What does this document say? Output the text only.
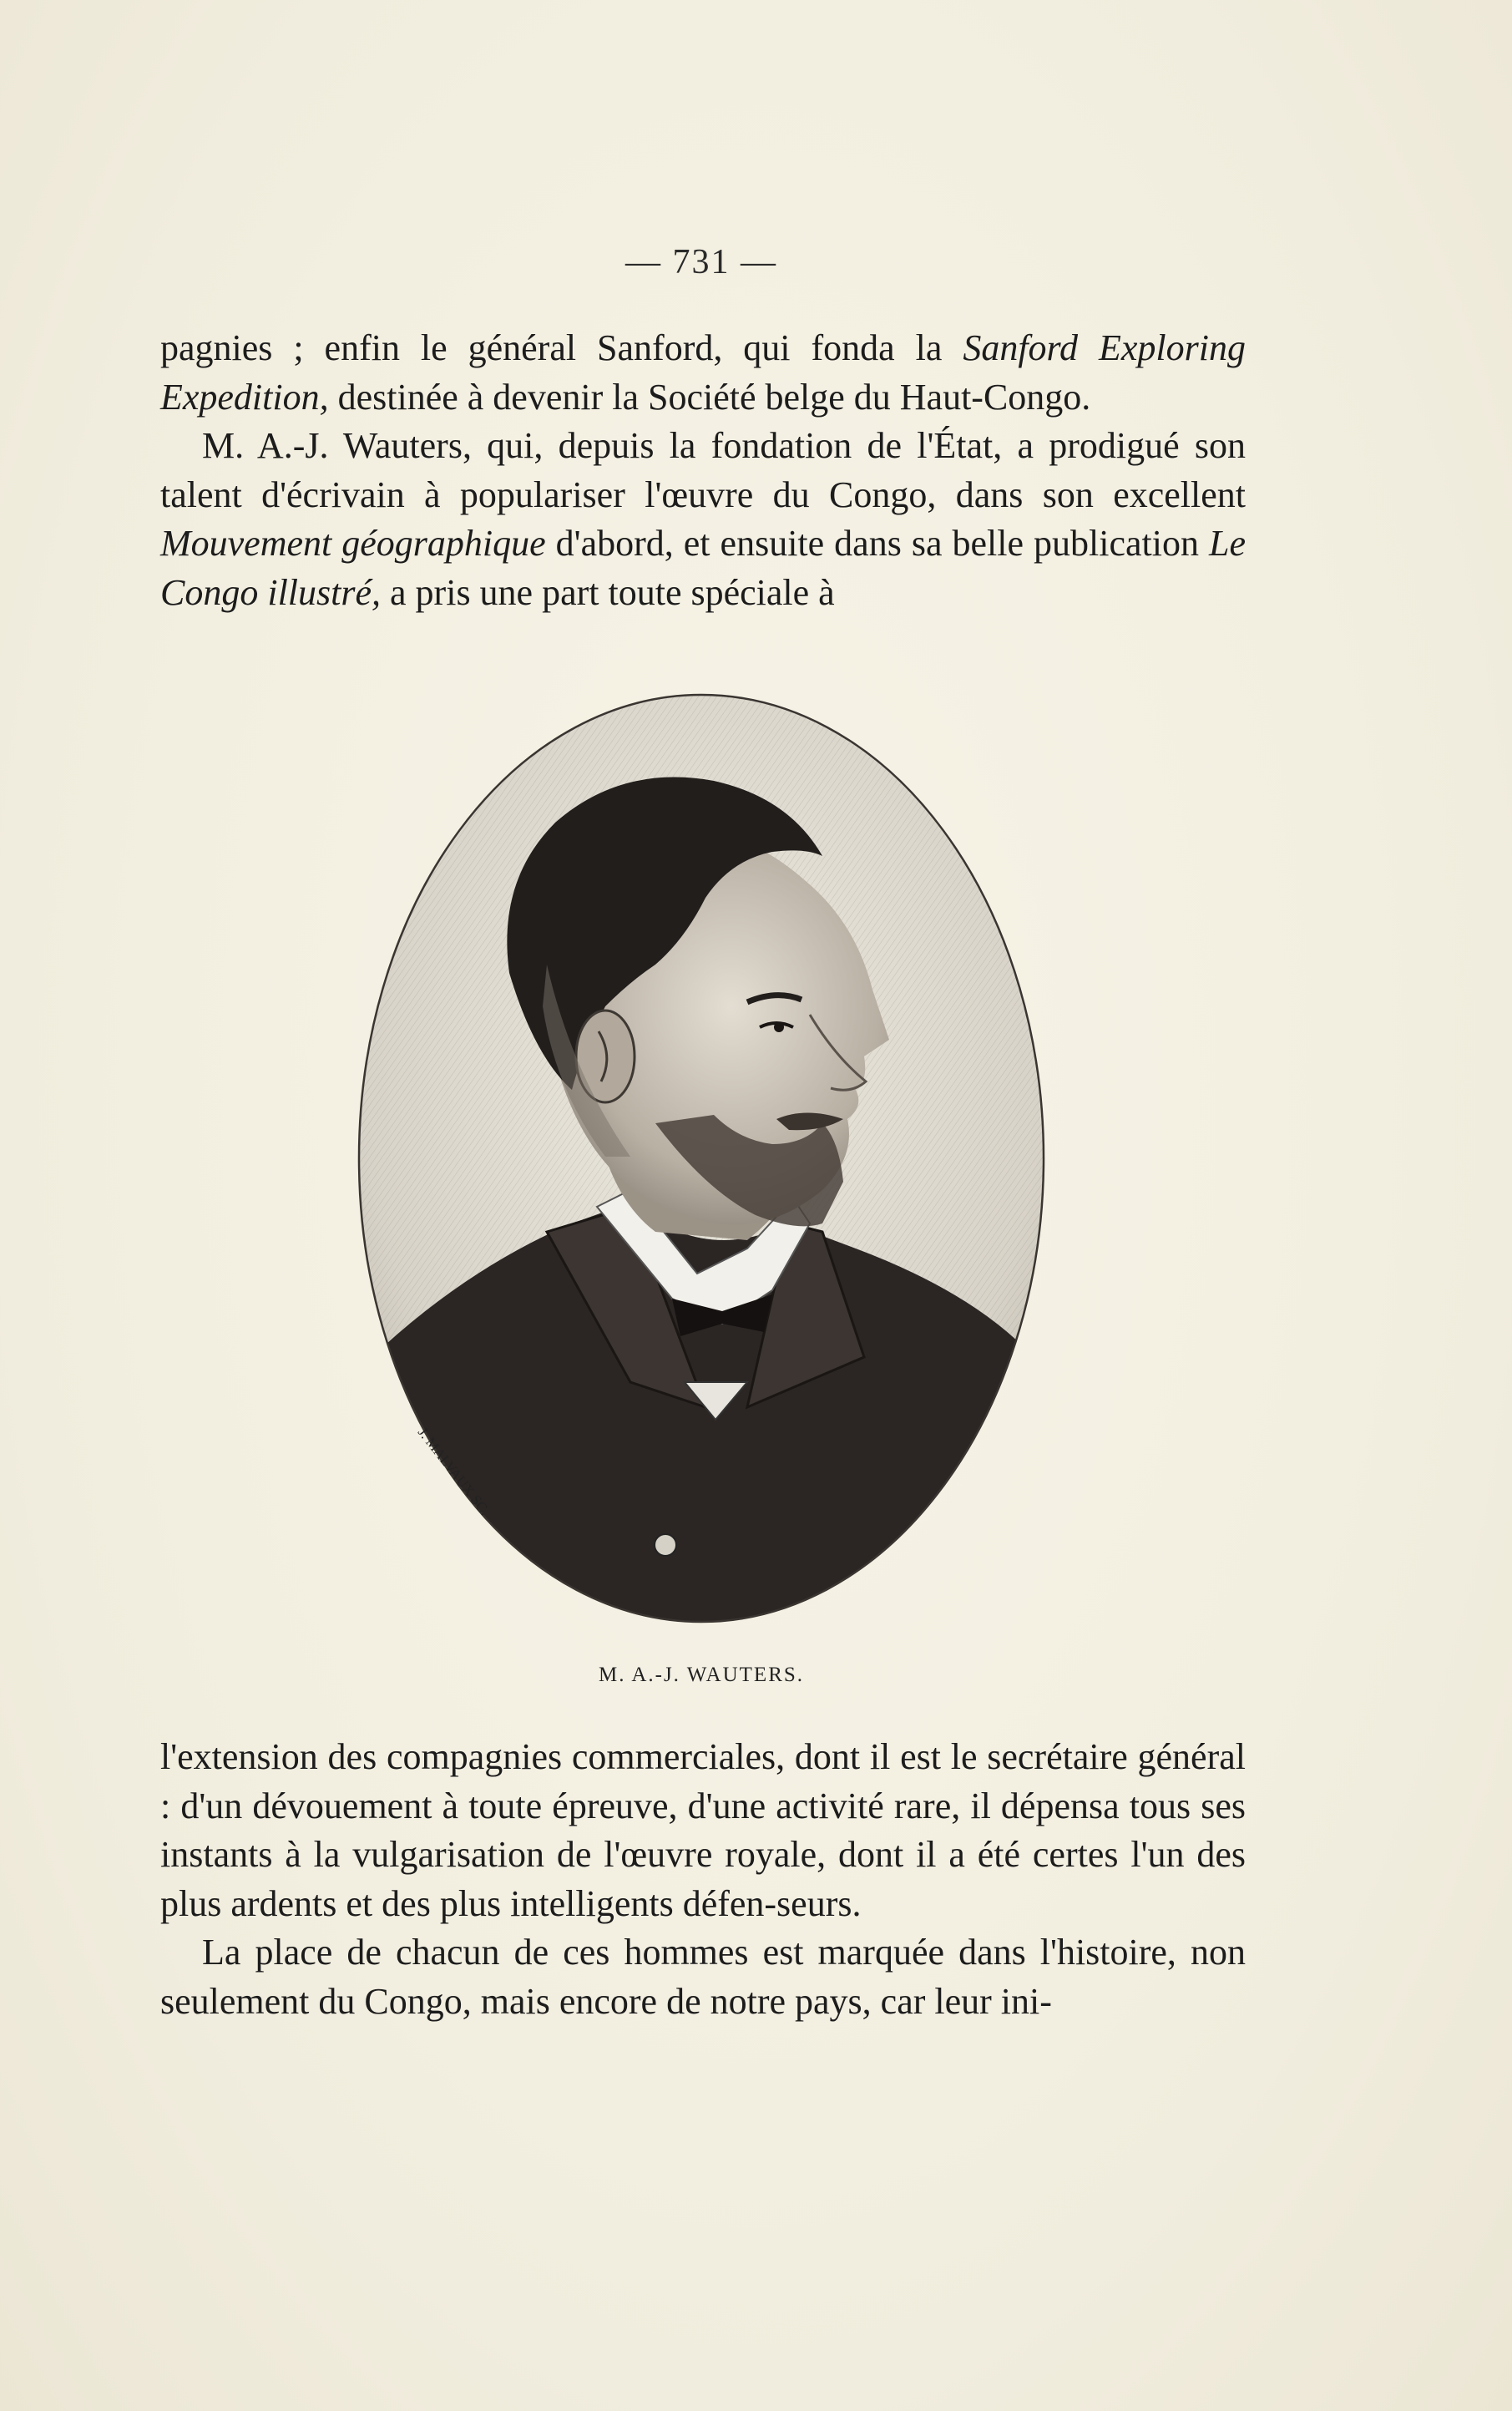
— 731 —

pagnies ; enfin le général Sanford, qui fonda la Sanford Exploring Expedition, destinée à devenir la Société belge du Haut-Congo.

M. A.-J. Wauters, qui, depuis la fondation de l'État, a prodigué son talent d'écrivain à populariser l'œuvre du Congo, dans son excellent Mouvement géographique d'abord, et ensuite dans sa belle publication Le Congo illustré, a pris une part toute spéciale à

J. MALVAUX SC.
M. A.-J. WAUTERS.

l'extension des compagnies commerciales, dont il est le secrétaire général : d'un dévouement à toute épreuve, d'une activité rare, il dépensa tous ses instants à la vulgarisation de l'œuvre royale, dont il a été certes l'un des plus ardents et des plus intelligents défen-seurs.

La place de chacun de ces hommes est marquée dans l'histoire, non seulement du Congo, mais encore de notre pays, car leur ini-
